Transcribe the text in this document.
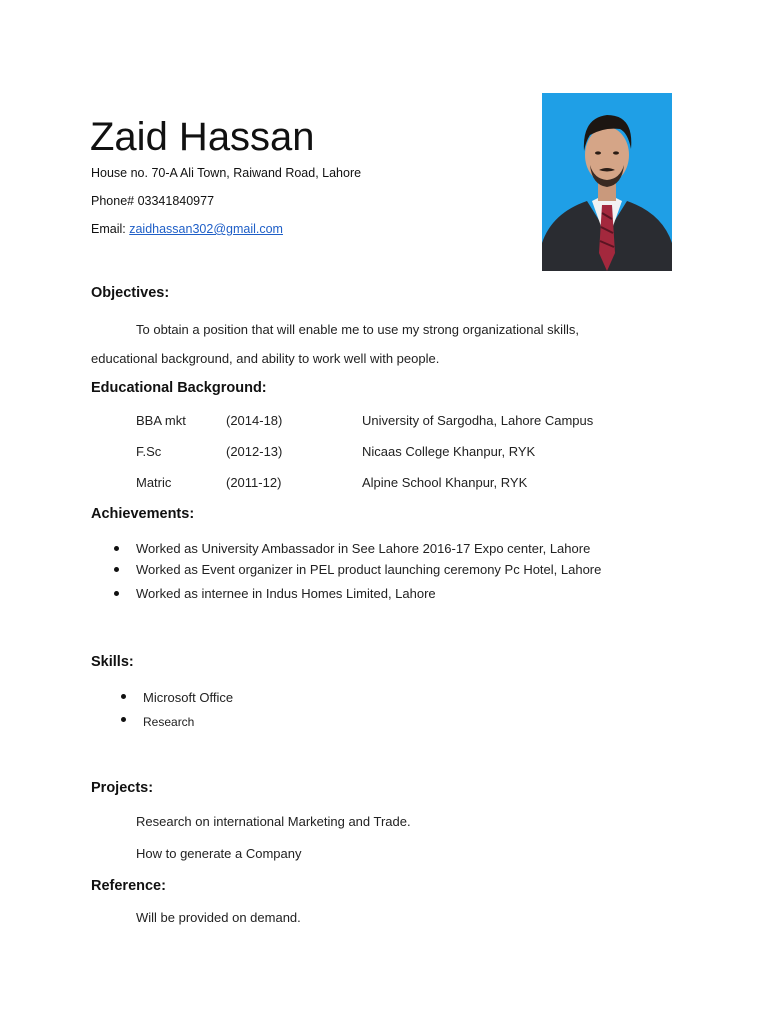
Zaid Hassan
House no. 70-A Ali Town, Raiwand Road, Lahore
Phone# 03341840977
Email: zaidhassan302@gmail.com
Objectives:
To obtain a position that will enable me to use my strong organizational skills,
educational background, and ability to work well with people.
Educational Background:
BBA mkt	(2014-18)	University of Sargodha, Lahore Campus
F.Sc	(2012-13)	Nicaas College Khanpur, RYK
Matric	(2011-12)	Alpine School Khanpur, RYK
Achievements:
Worked as University Ambassador in See Lahore 2016-17 Expo center, Lahore
Worked as Event organizer in PEL product launching ceremony Pc Hotel, Lahore
Worked as internee in Indus Homes Limited, Lahore
Skills:
Microsoft Office
Research
Projects:
Research on international Marketing and Trade.
How to generate a Company
Reference:
Will be provided on demand.
